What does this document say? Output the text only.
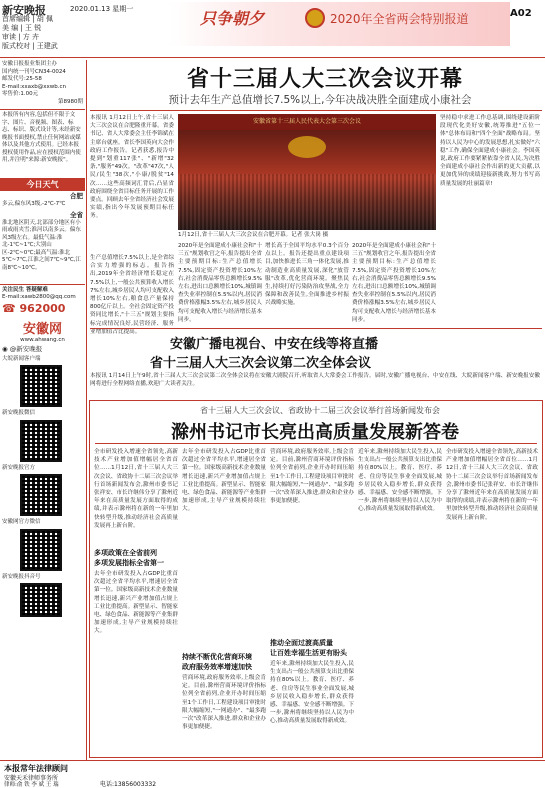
新安晚报	2020.01.13 星期一
首席编辑 | 胡 佩
美 编 | 王 锐
审读 | 方 卉
版式校对 | 王建武
只争朝夕	2020年全省两会特别报道	A02
安徽日报报业集团主办
国内统一刊号CN34-0024
邮发代号:25-58
E-mail:xxaxb@xxwb.cn
零售价:1.00元
第8980期
本报所有内容,包括但不限于文字、图片、音视频、图表、标志、标识、版式设计等,未经新安晚报书面授权,禁止任何网站或媒体以及其他方式使用。已经本报授权使用作品,应在授权范围内使用,并注明"来源:新安晚报"。
今日天气
合肥
多云,偏东风3级,-2℃-7℃
全省
淮北地区阴天,北部部分地区有小雨或雨夹雪;淮河以南多云。偏东风3级左右。最低气温:淮北-1℃~1℃;大别山区-2℃~0℃;最高气温:淮北5℃~7℃,江淮之间7℃~9℃,江南8℃~10℃。
关注民生 答疑解难
E-mail:xawb2800@qq.com
☎ 962000
安徽网
www.ahwang.cn
◉ @新安晚报
大皖新闻客户端
新安晚报微信
新安晚报官方
安徽网官方微信
新安晚报抖音号
本报常年法律顾问
安徽天禾律师事务所
律师:俞 铁 李 斌 王 瑞	电话:13856003332
省十三届人大三次会议开幕
预计去年生产总值增长7.5%以上,今年决战决胜全面建成小康社会
本报讯 1月12日上午,省十三届人大三次会议在合肥隆重开幕。省委书记、省人大常委会主任李锦斌在主席台就座。省长李国英向大会作政府工作报告。记者获悉,报告中提到"划重117张"、"新增"32条,"服务"49次。"改革"47次,"人民/民生"38次,"小康/脱贫"14次……这些高频词汇背后,凸显省政府围绕全省目标任务开展的工作要点。回顾去年全省经济社会发展实绩,指出今年发展预期目标任务。
生产总值增长7.5%以上,是全省综合实力增强的标志。报告指出,2019年全省经济增长稳定在7.5%以上,一般公共预算收入增长7%左右,城乡居民人均可支配收入增长10%左右,粮食总产量保持800亿斤以上。全社会固定资产投资同比增长,"十三五"规划主要指标完成情况良好,民营经济、服务业增加值占比提高。
安徽省第十三届人民代表大会第三次会议
1月12日,省十三届人大三次会议在合肥开幕。记者 张大岗 摄
2020年是全面建成小康社会和"十三五"规划收官之年,报告提出全省主要预期目标:生产总值增长7.5%,固定资产投资增长10%左右,社会消费品零售总额增长9.5%左右,进出口总额增长10%,城镇调查失业率控制在5.5%以内,居民消费价格涨幅3.5%左右,城乡居民人均可支配收入增长与经济增长基本同步。
增长高于全国平均水平0.3个百分点以上。报告还提出重点建设项目,加快推进长三角一体化发展,推动制造业高质量发展,深化"放管服"改革,优化营商环境。聚焦民生,持续打好污染防治攻坚战,全力保障和改善民生,全面推进乡村振兴战略实施。
2020年是全面建成小康社会和"十三五"规划收官之年,报告提出全省主要预期目标:生产总值增长7.5%,固定资产投资增长10%左右,社会消费品零售总额增长9.5%左右,进出口总额增长10%,城镇调查失业率控制在5.5%以内,居民消费价格涨幅3.5%左右,城乡居民人均可支配收入增长与经济增长基本同步。
坚持稳中求进工作总基调,围绕建设新阶段现代化美好安徽,统筹推进"五位一体"总体布局和"四个全面"战略布局。坚持以人民为中心的发展思想,扎实做好"六稳"工作,确保全面建成小康社会。李国英说,政府工作要紧紧依靠全省人民,为决胜全面建成小康社会作出新的更大贡献,以更加优异的成绩迎接新挑战,努力书写高质量发展的壮丽篇章!
安徽广播电视台、中安在线等将直播
省十三届人大三次会议第二次全体会议
本报讯 1月14日上午9时,省十三届人大三次会议第二次全体会议将在安徽大剧院召开,听取省人大常委会工作报告。届时,安徽广播电视台、中安在线、大皖新闻客户端、新安晚报安徽网将进行全程网络直播,欢迎广大读者关注。
省十三届人大三次会议、省政协十二届三次会议举行首场新闻发布会
滁州书记市长亮出高质量发展新答卷
全市研发投入增速全省领先,高新技术产业增加值增幅居全省首位……1月12日,省十三届人大三次会议、省政协十二届三次会议举行首场新闻发布会,滁州市委书记张祥安、市长许继伟分享了滁州近年来在高质量发展方面取得的成绩,并表示滁州将在新的一年里加快转型升级,推动经济社会高质量发展再上新台阶。
多项政策在全省前列
多项发展指标全省第一
去年全市研发投入占GDP比重首次超过全省平均水平,增速居全省第一位。国家级高新技术企业数量增长迅速,新兴产业增加值占规上工业比重提高。新型显示、智能家电、绿色食品、新能源等产业集群加速形成,主导产业规模持续壮大。
去年全市研发投入占GDP比重首次超过全省平均水平,增速居全省第一位。国家级高新技术企业数量增长迅速,新兴产业增加值占规上工业比重提高。新型显示、智能家电、绿色食品、新能源等产业集群加速形成,主导产业规模持续壮大。
持续不断优化营商环境
政府服务效率增速加快
营商环境,政府服务效率,上级会肯定。目前,滁州营商环境评价指标位列全省前列,企业开办时间压缩至1个工作日,工程建设项目审批时限大幅缩短,"一网通办"、"最多跑一次"改革深入推进,群众和企业办事更加便捷。
营商环境,政府服务效率,上级会肯定。目前,滁州营商环境评价指标位列全省前列,企业开办时间压缩至1个工作日,工程建设项目审批时限大幅缩短,"一网通办"、"最多跑一次"改革深入推进,群众和企业办事更加便捷。
推动全面过渡高质量
让百姓幸福生活更有盼头
近年来,滁州持续加大民生投入,民生支出占一般公共预算支出比重保持在80%以上。教育、医疗、养老、住房等民生事业全面发展,城乡居民收入稳步增长,群众获得感、幸福感、安全感不断增强。下一步,滁州将继续坚持以人民为中心,推动高质量发展取得新成效。
近年来,滁州持续加大民生投入,民生支出占一般公共预算支出比重保持在80%以上。教育、医疗、养老、住房等民生事业全面发展,城乡居民收入稳步增长,群众获得感、幸福感、安全感不断增强。下一步,滁州将继续坚持以人民为中心,推动高质量发展取得新成效。
全市研发投入增速全省领先,高新技术产业增加值增幅居全省首位……1月12日,省十三届人大三次会议、省政协十二届三次会议举行首场新闻发布会,滁州市委书记张祥安、市长许继伟分享了滁州近年来在高质量发展方面取得的成绩,并表示滁州将在新的一年里加快转型升级,推动经济社会高质量发展再上新台阶。
